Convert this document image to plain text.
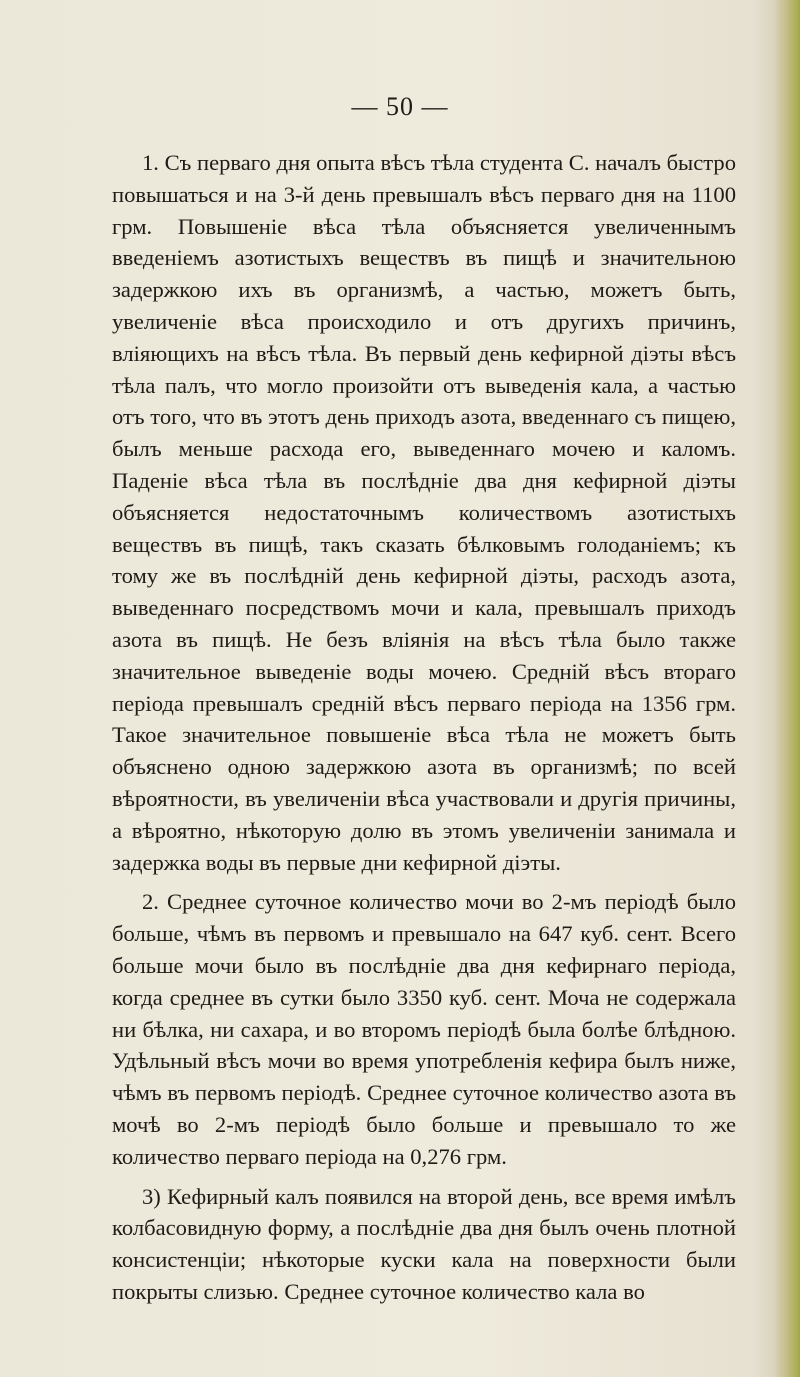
— 50 —

1. Съ перваго дня опыта вѣсъ тѣла студента С. началъ быстро повышаться и на 3-й день превышалъ вѣсъ перваго дня на 1100 грм. Повышеніе вѣса тѣла объясняется увеличеннымъ введеніемъ азотистыхъ веществъ въ пищѣ и значительною задержкою ихъ въ организмѣ, а частью, можетъ быть, увеличеніе вѣса происходило и отъ другихъ причинъ, вліяющихъ на вѣсъ тѣла. Въ первый день кефирной діэты вѣсъ тѣла палъ, что могло произойти отъ выведенія кала, а частью отъ того, что въ этотъ день приходъ азота, введеннаго съ пищею, былъ меньше расхода его, выведеннаго мочею и каломъ. Паденіе вѣса тѣла въ послѣдніе два дня кефирной діэты объясняется недостаточнымъ количествомъ азотистыхъ веществъ въ пищѣ, такъ сказать бѣлковымъ голоданіемъ; къ тому же въ послѣдній день кефирной діэты, расходъ азота, выведеннаго посредствомъ мочи и кала, превышалъ приходъ азота въ пищѣ. Не безъ вліянія на вѣсъ тѣла было также значительное выведеніе воды мочею. Средній вѣсъ втораго періода превышалъ средній вѣсъ перваго періода на 1356 грм. Такое значительное повышеніе вѣса тѣла не можетъ быть объяснено одною задержкою азота въ организмѣ; по всей вѣроятности, въ увеличеніи вѣса участвовали и другія причины, а вѣроятно, нѣкоторую долю въ этомъ увеличеніи занимала и задержка воды въ первые дни кефирной діэты.

2. Среднее суточное количество мочи во 2-мъ періодѣ было больше, чѣмъ въ первомъ и превышало на 647 куб. сент. Всего больше мочи было въ послѣдніе два дня кефирнаго періода, когда среднее въ сутки было 3350 куб. сент. Моча не содержала ни бѣлка, ни сахара, и во второмъ періодѣ была болѣе блѣдною. Удѣльный вѣсъ мочи во время употребленія кефира былъ ниже, чѣмъ въ первомъ періодѣ. Среднее суточное количество азота въ мочѣ во 2-мъ періодѣ было больше и превышало то же количество перваго періода на 0,276 грм.

3) Кефирный калъ появился на второй день, все время имѣлъ колбасовидную форму, а послѣдніе два дня былъ очень плотной консистенціи; нѣкоторые куски кала на поверхности были покрыты слизью. Среднее суточное количество кала во
